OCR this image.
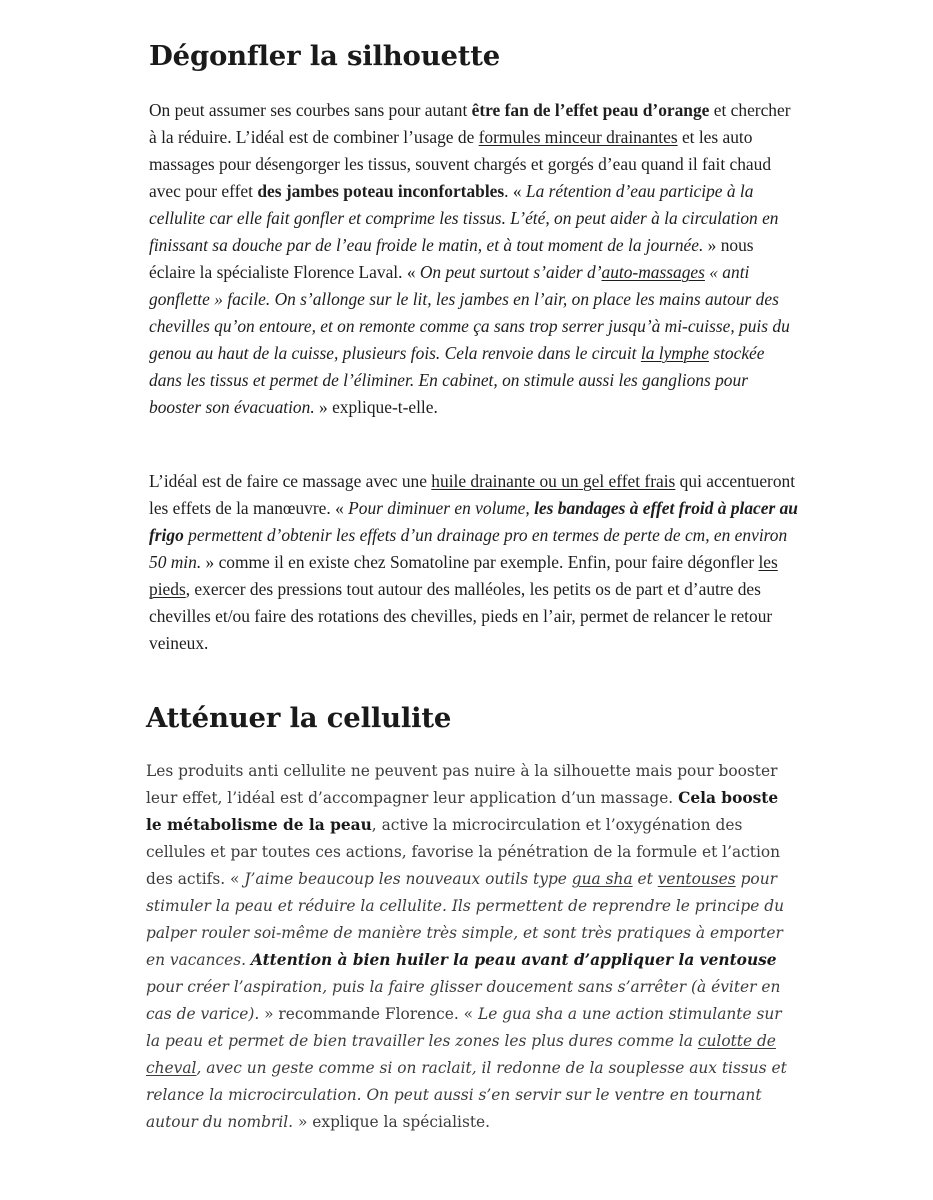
Dégonfler la silhouette

On peut assumer ses courbes sans pour autant être fan de l’effet peau d’orange et chercher à la réduire. L’idéal est de combiner l’usage de formules minceur drainantes et les auto massages pour désengorger les tissus, souvent chargés et gorgés d’eau quand il fait chaud avec pour effet des jambes poteau inconfortables. « La rétention d’eau participe à la cellulite car elle fait gonfler et comprime les tissus. L’été, on peut aider à la circulation en finissant sa douche par de l’eau froide le matin, et à tout moment de la journée. » nous éclaire la spécialiste Florence Laval. « On peut surtout s’aider d’auto-massages « anti gonflette » facile. On s’allonge sur le lit, les jambes en l’air, on place les mains autour des chevilles qu’on entoure, et on remonte comme ça sans trop serrer jusqu’à mi-cuisse, puis du genou au haut de la cuisse, plusieurs fois. Cela renvoie dans le circuit la lymphe stockée dans les tissus et permet de l’éliminer. En cabinet, on stimule aussi les ganglions pour booster son évacuation. » explique-t-elle.

L’idéal est de faire ce massage avec une huile drainante ou un gel effet frais qui accentueront les effets de la manœuvre. « Pour diminuer en volume, les bandages à effet froid à placer au frigo permettent d’obtenir les effets d’un drainage pro en termes de perte de cm, en environ 50 min. » comme il en existe chez Somatoline par exemple. Enfin, pour faire dégonfler les pieds, exercer des pressions tout autour des malléoles, les petits os de part et d’autre des chevilles et/ou faire des rotations des chevilles, pieds en l’air, permet de relancer le retour veineux.

Atténuer la cellulite

Les produits anti cellulite ne peuvent pas nuire à la silhouette mais pour booster leur effet, l’idéal est d’accompagner leur application d’un massage. Cela booste le métabolisme de la peau, active la microcirculation et l’oxygénation des cellules et par toutes ces actions, favorise la pénétration de la formule et l’action des actifs. « J’aime beaucoup les nouveaux outils type gua sha et ventouses pour stimuler la peau et réduire la cellulite. Ils permettent de reprendre le principe du palper rouler soi-même de manière très simple, et sont très pratiques à emporter en vacances. Attention à bien huiler la peau avant d’appliquer la ventouse pour créer l’aspiration, puis la faire glisser doucement sans s’arrêter (à éviter en cas de varice). » recommande Florence. « Le gua sha a une action stimulante sur la peau et permet de bien travailler les zones les plus dures comme la culotte de cheval, avec un geste comme si on raclait, il redonne de la souplesse aux tissus et relance la microcirculation. On peut aussi s’en servir sur le ventre en tournant autour du nombril. » explique la spécialiste.
